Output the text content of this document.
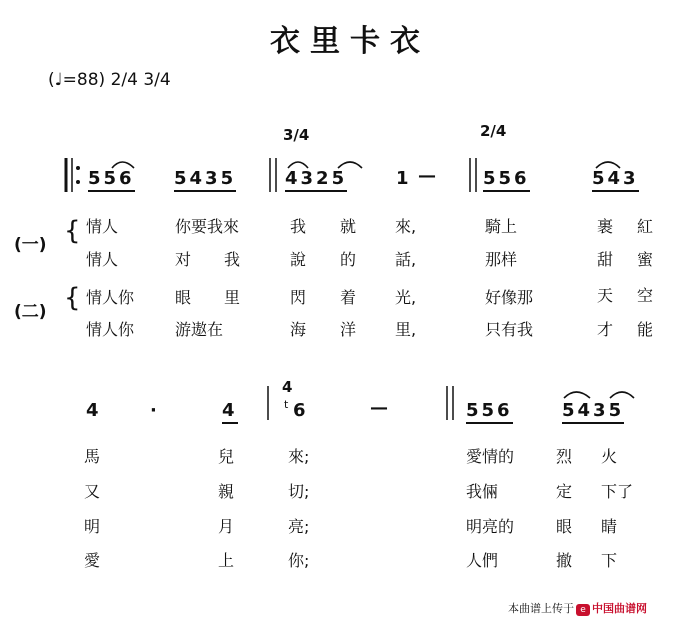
衣里卡衣
(♩=88) 2/4 3/4
3/4	2/4
556 5435	4325	1 —	556	543
(一) {
(二) {
情人	你要我來	我 就 來,	騎上	裹 紅
情人	对 我	說 的 話,	那样	甜 蜜
情人你	眼 里	閃 着 光,	好像那	天 空
情人你	游遨在	海 洋 里,	只有我	才 能
4	·	4
4
t 6	—	556	5435
馬	兒	來;	愛情的	烈 火
又	親	切;	我倆	定 下了
明	月	亮;	明亮的	眼 睛
愛	上	你;	人們	撤 下
本曲谱上传于 e 中国曲谱网
